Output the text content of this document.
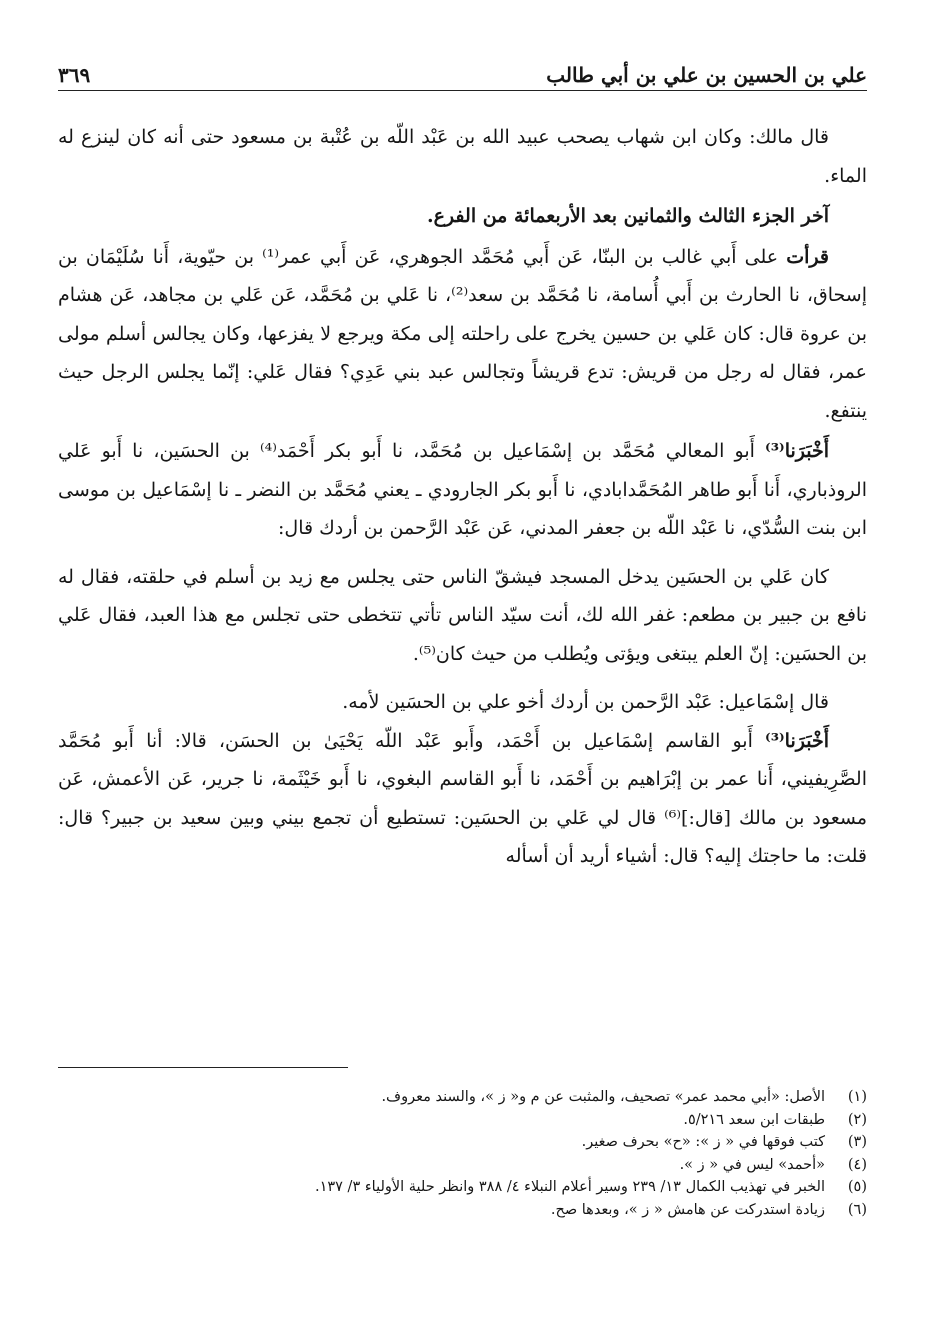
علي بن الحسين بن علي بن أبي طالب
٣٦٩

قال مالك: وكان ابن شهاب يصحب عبيد الله بن عَبْد اللّه بن عُتْبة بن مسعود حتى أنه كان لينزع له الماء.

آخر الجزء الثالث والثمانين بعد الأربعمائة من الفرع.

قرأت على أَبي غالب بن البنّا، عَن أَبي مُحَمَّد الجوهري، عَن أَبي عمر⁽¹⁾ بن حيّوية، أَنا سُلَيْمَان بن إسحاق، نا الحارث بن أَبي أُسامة، نا مُحَمَّد بن سعد⁽²⁾، نا عَلي بن مُحَمَّد، عَن عَلي بن مجاهد، عَن هشام بن عروة قال: كان عَلي بن حسين يخرج على راحلته إلى مكة ويرجع لا يفزعها، وكان يجالس أسلم مولى عمر، فقال له رجل من قريش: تدع قريشاً وتجالس عبد بني عَدِي؟ فقال عَلي: إنّما يجلس الرجل حيث ينتفع.

أَخْبَرَنا⁽³⁾ أَبو المعالي مُحَمَّد بن إسْمَاعيل بن مُحَمَّد، نا أَبو بكر أَحْمَد⁽⁴⁾ بن الحسَين، نا أَبو عَلي الروذباري، أَنا أَبو طاهر المُحَمَّدابادي، نا أَبو بكر الجارودي ـ يعني مُحَمَّد بن النضر ـ نا إسْمَاعيل بن موسى ابن بنت السُّدّي، نا عَبْد اللّه بن جعفر المدني، عَن عَبْد الرَّحمن بن أردك قال:

كان عَلي بن الحسَين يدخل المسجد فيشقّ الناس حتى يجلس مع زيد بن أسلم في حلقته، فقال له نافع بن جبير بن مطعم: غفر الله لك، أنت سيّد الناس تأتي تتخطى حتى تجلس مع هذا العبد، فقال عَلي بن الحسَين: إنّ العلم يبتغى ويؤتى ويُطلب من حيث كان⁽⁵⁾.

قال إسْمَاعيل: عَبْد الرَّحمن بن أردك أخو علي بن الحسَين لأمه.

أَخْبَرَنا⁽³⁾ أَبو القاسم إسْمَاعيل بن أَحْمَد، وأَبو عَبْد اللّه يَحْيَىٰ بن الحسَن، قالا: أنا أَبو مُحَمَّد الصَّرِيفيني، أَنا عمر بن إبْرَاهيم بن أَحْمَد، نا أَبو القاسم البغوي، نا أَبو خَيْثَمة، نا جرير، عَن الأعمش، عَن مسعود بن مالك [قال:]⁽⁶⁾ قال لي عَلي بن الحسَين: تستطيع أن تجمع بيني وبين سعيد بن جبير؟ قال: قلت: ما حاجتك إليه؟ قال: أشياء أريد أن أسأله

(١)
الأصل: «أبي محمد عمر» تصحيف، والمثبت عن م و« ز »، والسند معروف.
(٢)
طبقات ابن سعد ٥/٢١٦.
(٣)
كتب فوقها في « ز »: «ح» بحرف صغير.
(٤)
«أحمد» ليس في « ز ».
(٥)
الخبر في تهذيب الكمال ١٣/ ٢٣٩ وسير أعلام النبلاء ٤/ ٣٨٨ وانظر حلية الأولياء ٣/ ١٣٧.
(٦)
زيادة استدركت عن هامش « ز »، وبعدها صح.
